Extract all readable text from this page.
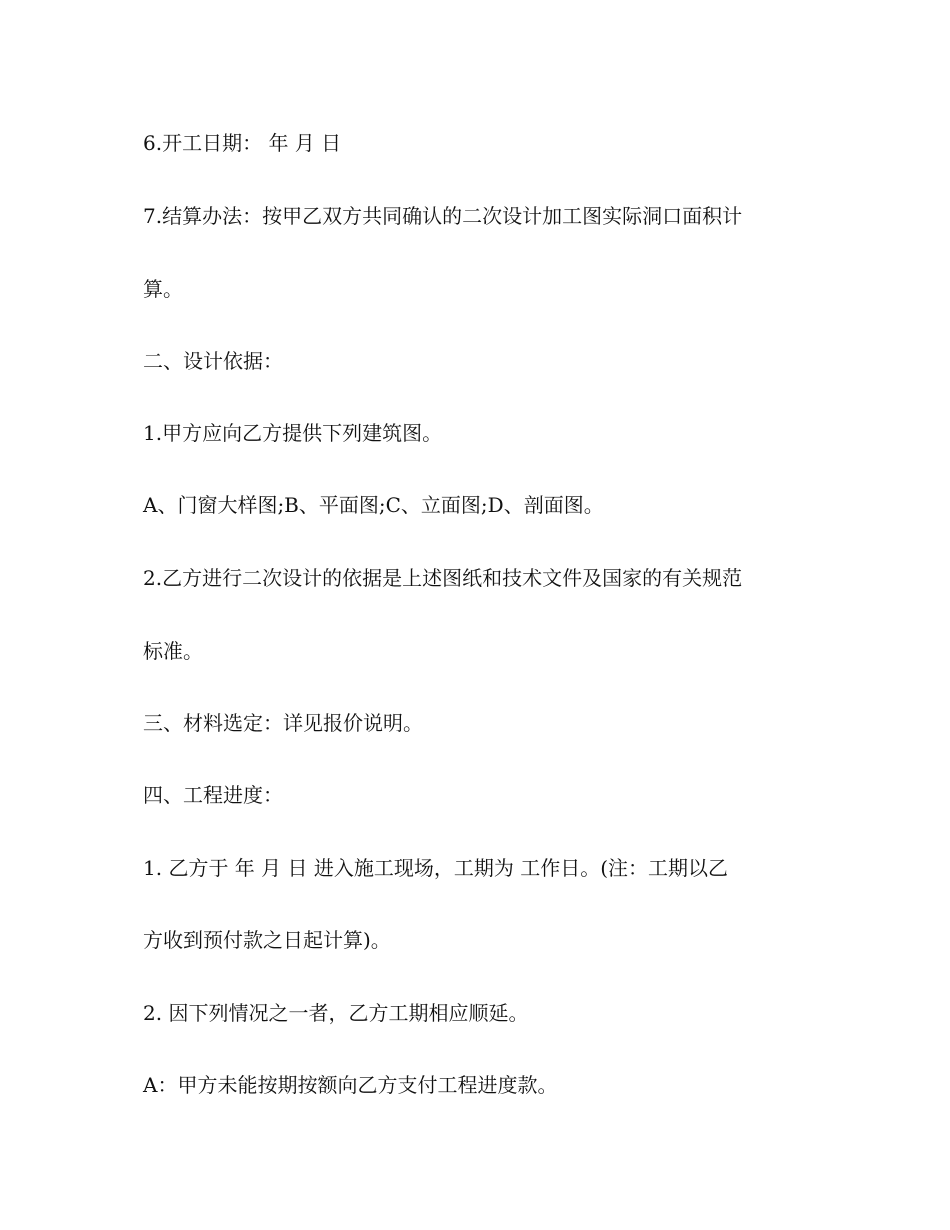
6.开工日期： 年 月 日

7.结算办法：按甲乙双方共同确认的二次设计加工图实际洞口面积计

算。

二、设计依据：

1.甲方应向乙方提供下列建筑图。

A、门窗大样图;B、平面图;C、立面图;D、剖面图。

2.乙方进行二次设计的依据是上述图纸和技术文件及国家的有关规范

标准。

三、材料选定：详见报价说明。

四、工程进度：

1. 乙方于 年 月 日 进入施工现场，工期为 工作日。(注：工期以乙

方收到预付款之日起计算)。

2. 因下列情况之一者，乙方工期相应顺延。

A：甲方未能按期按额向乙方支付工程进度款。
